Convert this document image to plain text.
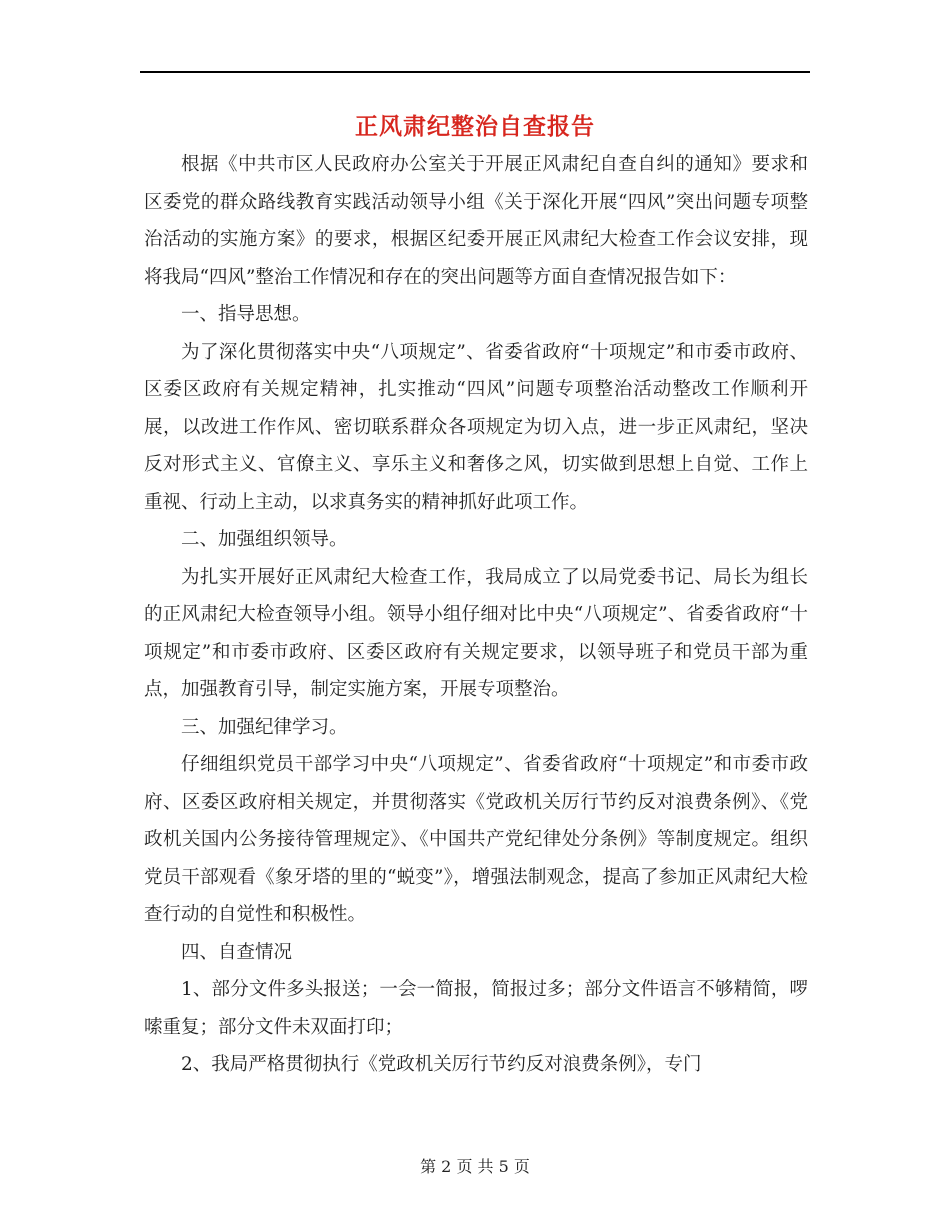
正风肃纪整治自查报告

根据《中共市区人民政府办公室关于开展正风肃纪自查自纠的通知》要求和区委党的群众路线教育实践活动领导小组《关于深化开展“四风”突出问题专项整治活动的实施方案》的要求，根据区纪委开展正风肃纪大检查工作会议安排，现将我局“四风”整治工作情况和存在的突出问题等方面自查情况报告如下：

一、指导思想。

为了深化贯彻落实中央“八项规定”、省委省政府“十项规定”和市委市政府、区委区政府有关规定精神，扎实推动“四风”问题专项整治活动整改工作顺利开展，以改进工作作风、密切联系群众各项规定为切入点，进一步正风肃纪，坚决反对形式主义、官僚主义、享乐主义和奢侈之风，切实做到思想上自觉、工作上重视、行动上主动，以求真务实的精神抓好此项工作。

二、加强组织领导。

为扎实开展好正风肃纪大检查工作，我局成立了以局党委书记、局长为组长的正风肃纪大检查领导小组。领导小组仔细对比中央“八项规定”、省委省政府“十项规定”和市委市政府、区委区政府有关规定要求，以领导班子和党员干部为重点，加强教育引导，制定实施方案，开展专项整治。

三、加强纪律学习。

仔细组织党员干部学习中央“八项规定”、省委省政府“十项规定”和市委市政府、区委区政府相关规定，并贯彻落实《党政机关厉行节约反对浪费条例》、《党政机关国内公务接待管理规定》、《中国共产党纪律处分条例》等制度规定。组织党员干部观看《象牙塔的里的“蜕变”》，增强法制观念，提高了参加正风肃纪大检查行动的自觉性和积极性。

四、自查情况

1、部分文件多头报送；一会一简报，简报过多；部分文件语言不够精简，啰嗦重复；部分文件未双面打印；

2、我局严格贯彻执行《党政机关厉行节约反对浪费条例》，专门

第 2 页 共 5 页
